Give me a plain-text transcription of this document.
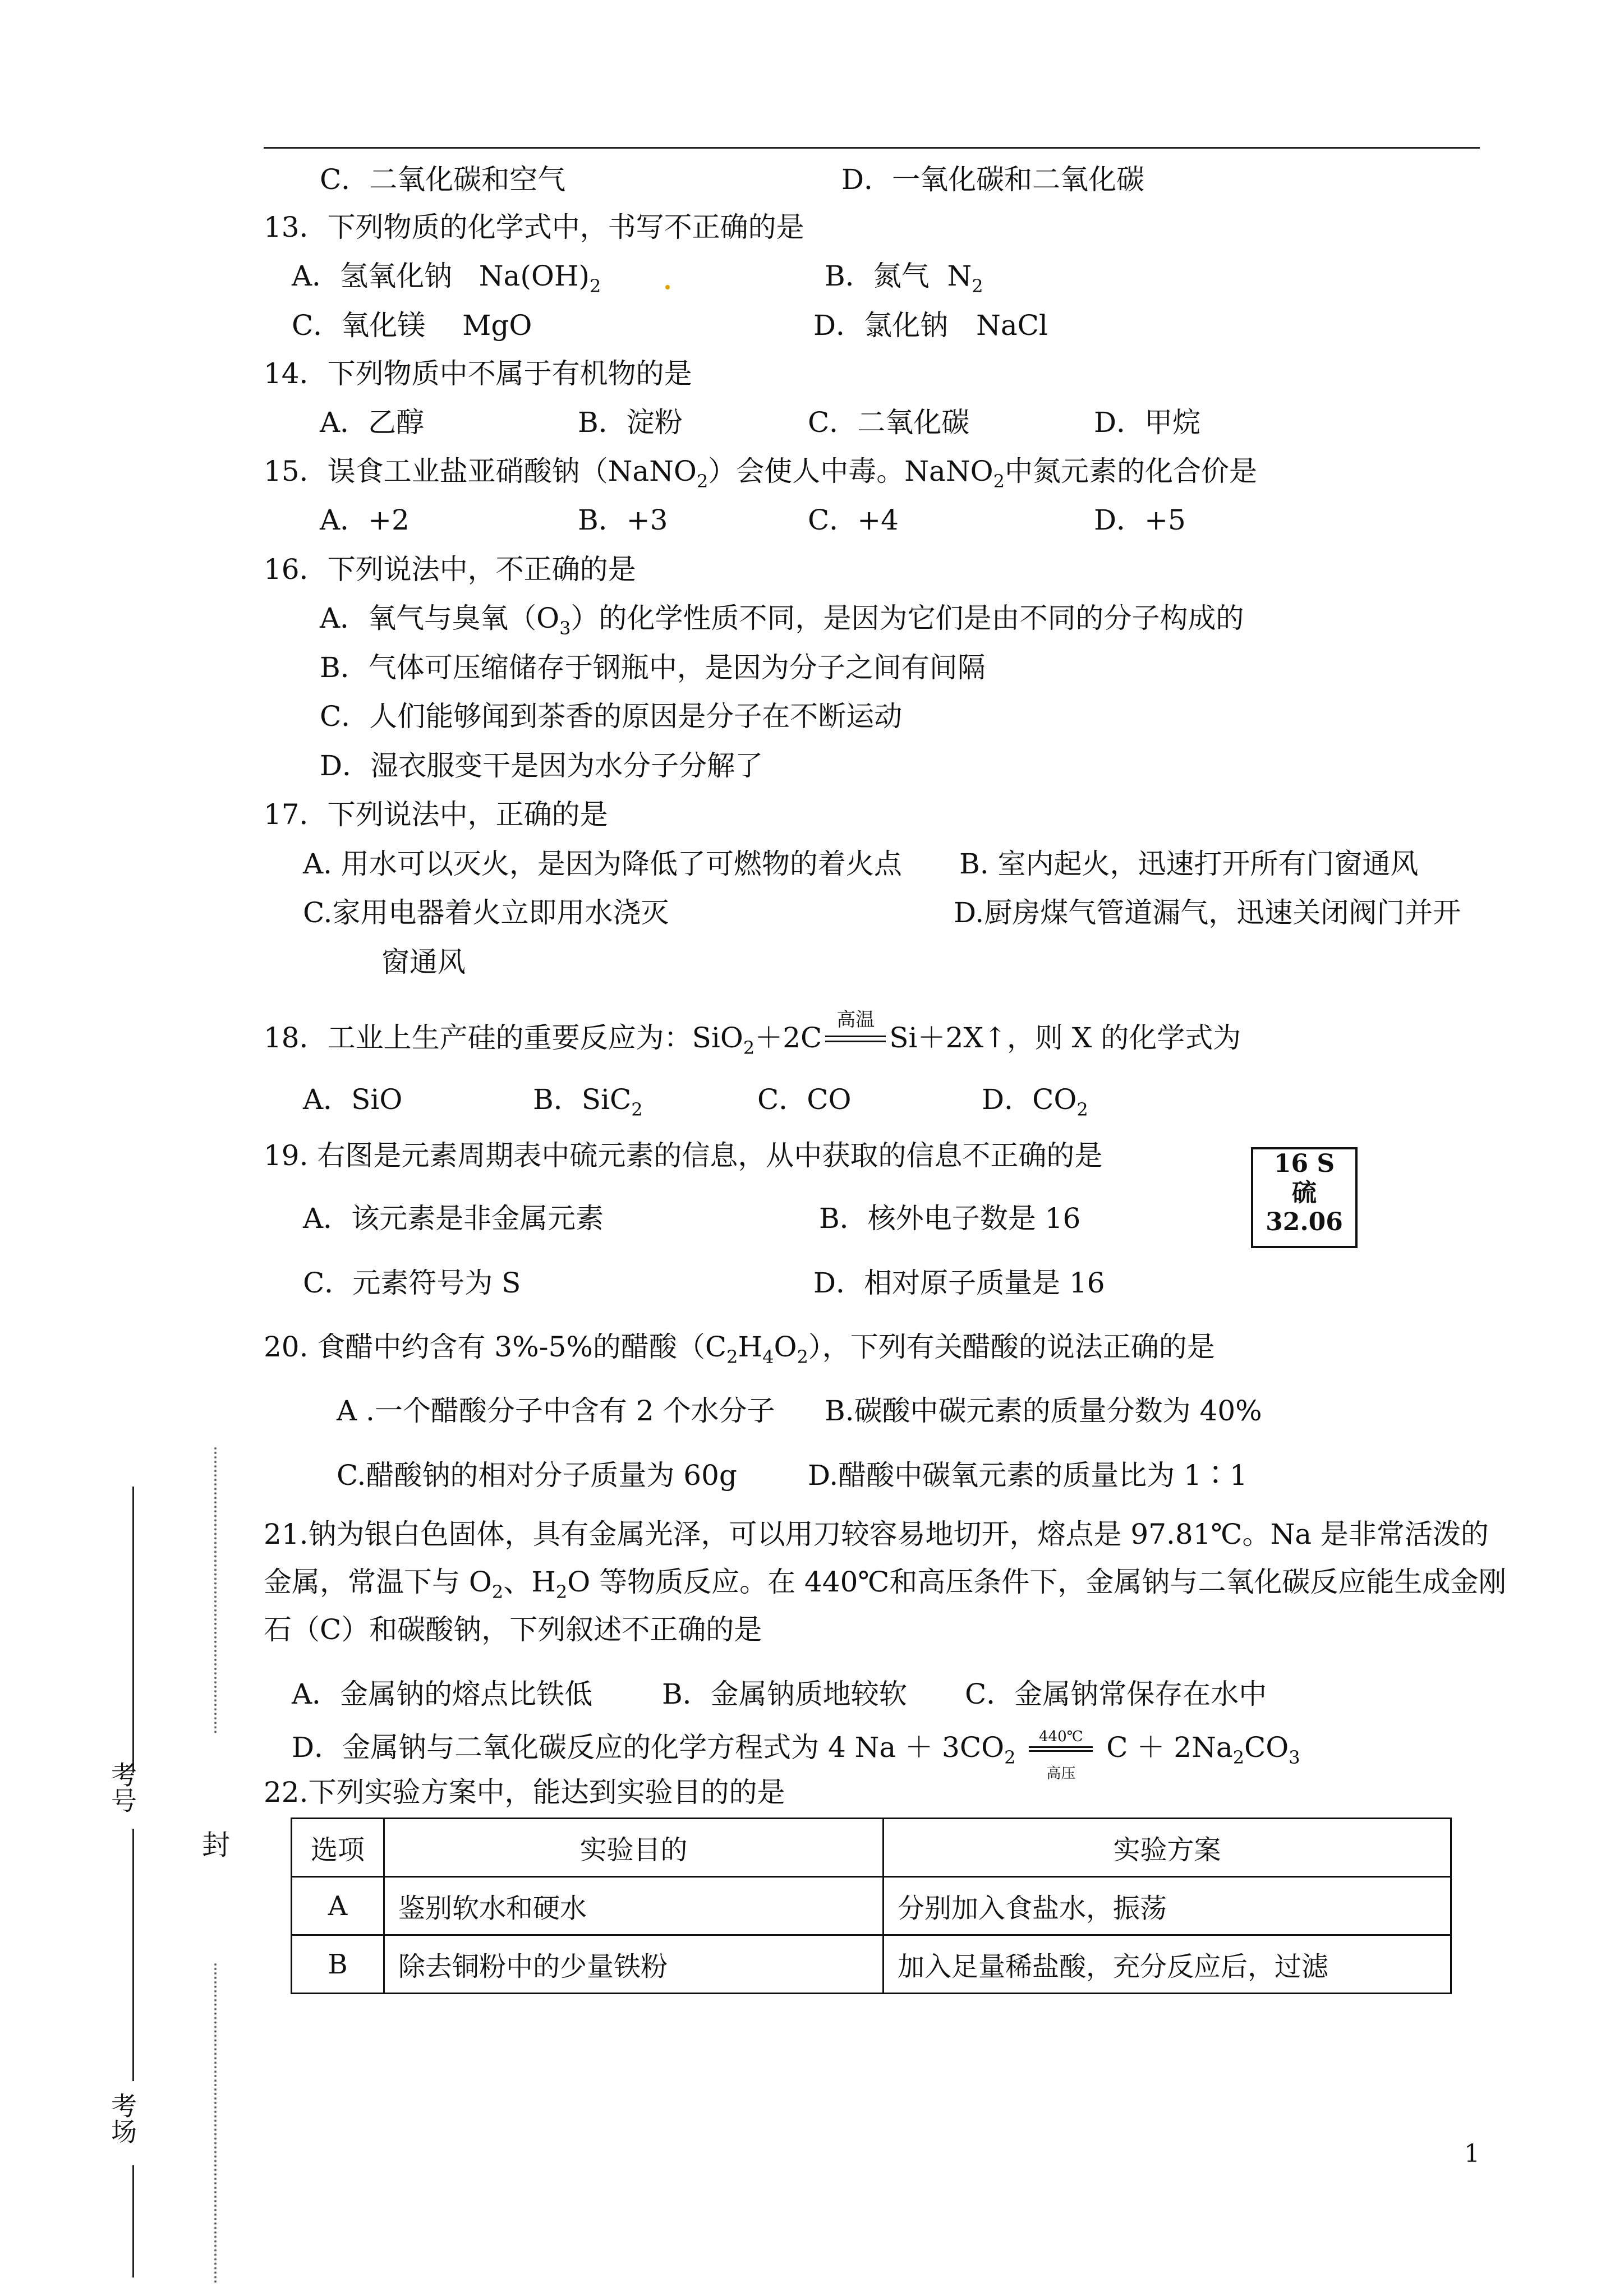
C．二氧化碳和空气	D．一氧化碳和二氧化碳
13．下列物质的化学式中，书写不正确的是
A．氢氧化钠 $Na(OH)_2$	B．氮气 $N_2$
C．氧化镁　 MgO	D．氯化钠　NaCl
14．下列物质中不属于有机物的是
A．乙醇	B．淀粉	C．二氧化碳	D．甲烷
15．误食工业盐亚硝酸钠（NaNO$_2$）会使人中毒。NaNO$_2$中氮元素的化合价是
A．+2	B．+3	C．+4	D．+5
16．下列说法中，不正确的是
A．氧气与臭氧$(O_3)$的化学性质不同，是因为它们是由不同的分子构成的
B．气体可压缩储存于钢瓶中，是因为分子之间有间隔
C．人们能够闻到茶香的原因是分子在不断运动
D．湿衣服变干是因为水分子分解了
17．下列说法中，正确的是
A. 用水可以灭火，是因为降低了可燃物的着火点 B. 室内起火，迅速打开所有门窗通风
C.家用电器着火立即用水浇灭	D.厨房煤气管道漏气，迅速关闭阀门并开
窗通风
18．工业上生产硅的重要反应为：SiO$_2$＋2C
高温
Si＋2X↑，则 X 的化学式为
A．SiO	B．SiC$_2$	C．CO	D．$CO_2$
19. 右图是元素周期表中硫元素的信息，从中获取的信息不正确的是	16 S
硫
32.06
A．该元素是非金属元素	B．核外电子数是 16
C．元素符号为 S	D．相对原子质量是 16
20. 食醋中约含有 3%-5%的醋酸$(C_2H_4O_2)$，下列有关醋酸的说法正确的是
A .一个醋酸分子中含有 2 个水分子 B.碳酸中碳元素的质量分数为 40%
C.醋酸钠的相对分子质量为 60g	D.醋酸中碳氧元素的质量比为 1∶1
21.钠为银白色固体，具有金属光泽，可以用刀较容易地切开，熔点是 97.81℃。Na 是非常活泼的
金属，常温下与 $O_2$、$H_2O$ 等物质反应。在 440℃和高压条件下，金属钠与二氧化碳反应能生成金刚
石（C）和碳酸钠，下列叙述不正确的是
A．金属钠的熔点比铁低 B．金属钠质地较软 C．金属钠常保存在水中
D．金属钠与二氧化碳反应的化学方程式为 4 $Na + 3CO_2$
440℃
高压
$C + 2Na_2CO_3$
22.下列实验方案中，能达到实验目的的是
选项	实验目的	实验方案
A	鉴别软水和硬水	分别加入食盐水，振荡
B	除去铜粉中的少量铁粉	加入足量稀盐酸，充分反应后，过滤
考号
考场
封
1
